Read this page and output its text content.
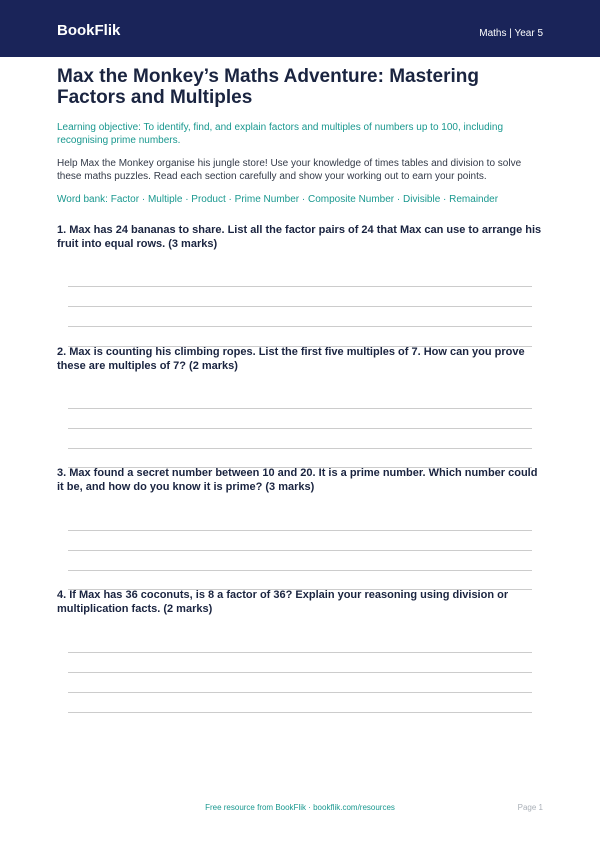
BookFlik	Maths | Year 5
Max the Monkey’s Maths Adventure: Mastering Factors and Multiples

Learning objective: To identify, find, and explain factors and multiples of numbers up to 100, including recognising prime numbers.

Help Max the Monkey organise his jungle store! Use your knowledge of times tables and division to solve these maths puzzles. Read each section carefully and show your working out to earn your points.

Word bank: Factor · Multiple · Product · Prime Number · Composite Number · Divisible · Remainder

1. Max has 24 bananas to share. List all the factor pairs of 24 that Max can use to arrange his fruit into equal rows. (3 marks)

2. Max is counting his climbing ropes. List the first five multiples of 7. How can you prove these are multiples of 7? (2 marks)

3. Max found a secret number between 10 and 20. It is a prime number. Which number could it be, and how do you know it is prime? (3 marks)

4. If Max has 36 coconuts, is 8 a factor of 36? Explain your reasoning using division or multiplication facts. (2 marks)

Free resource from BookFlik · bookflik.com/resources	Page 1
